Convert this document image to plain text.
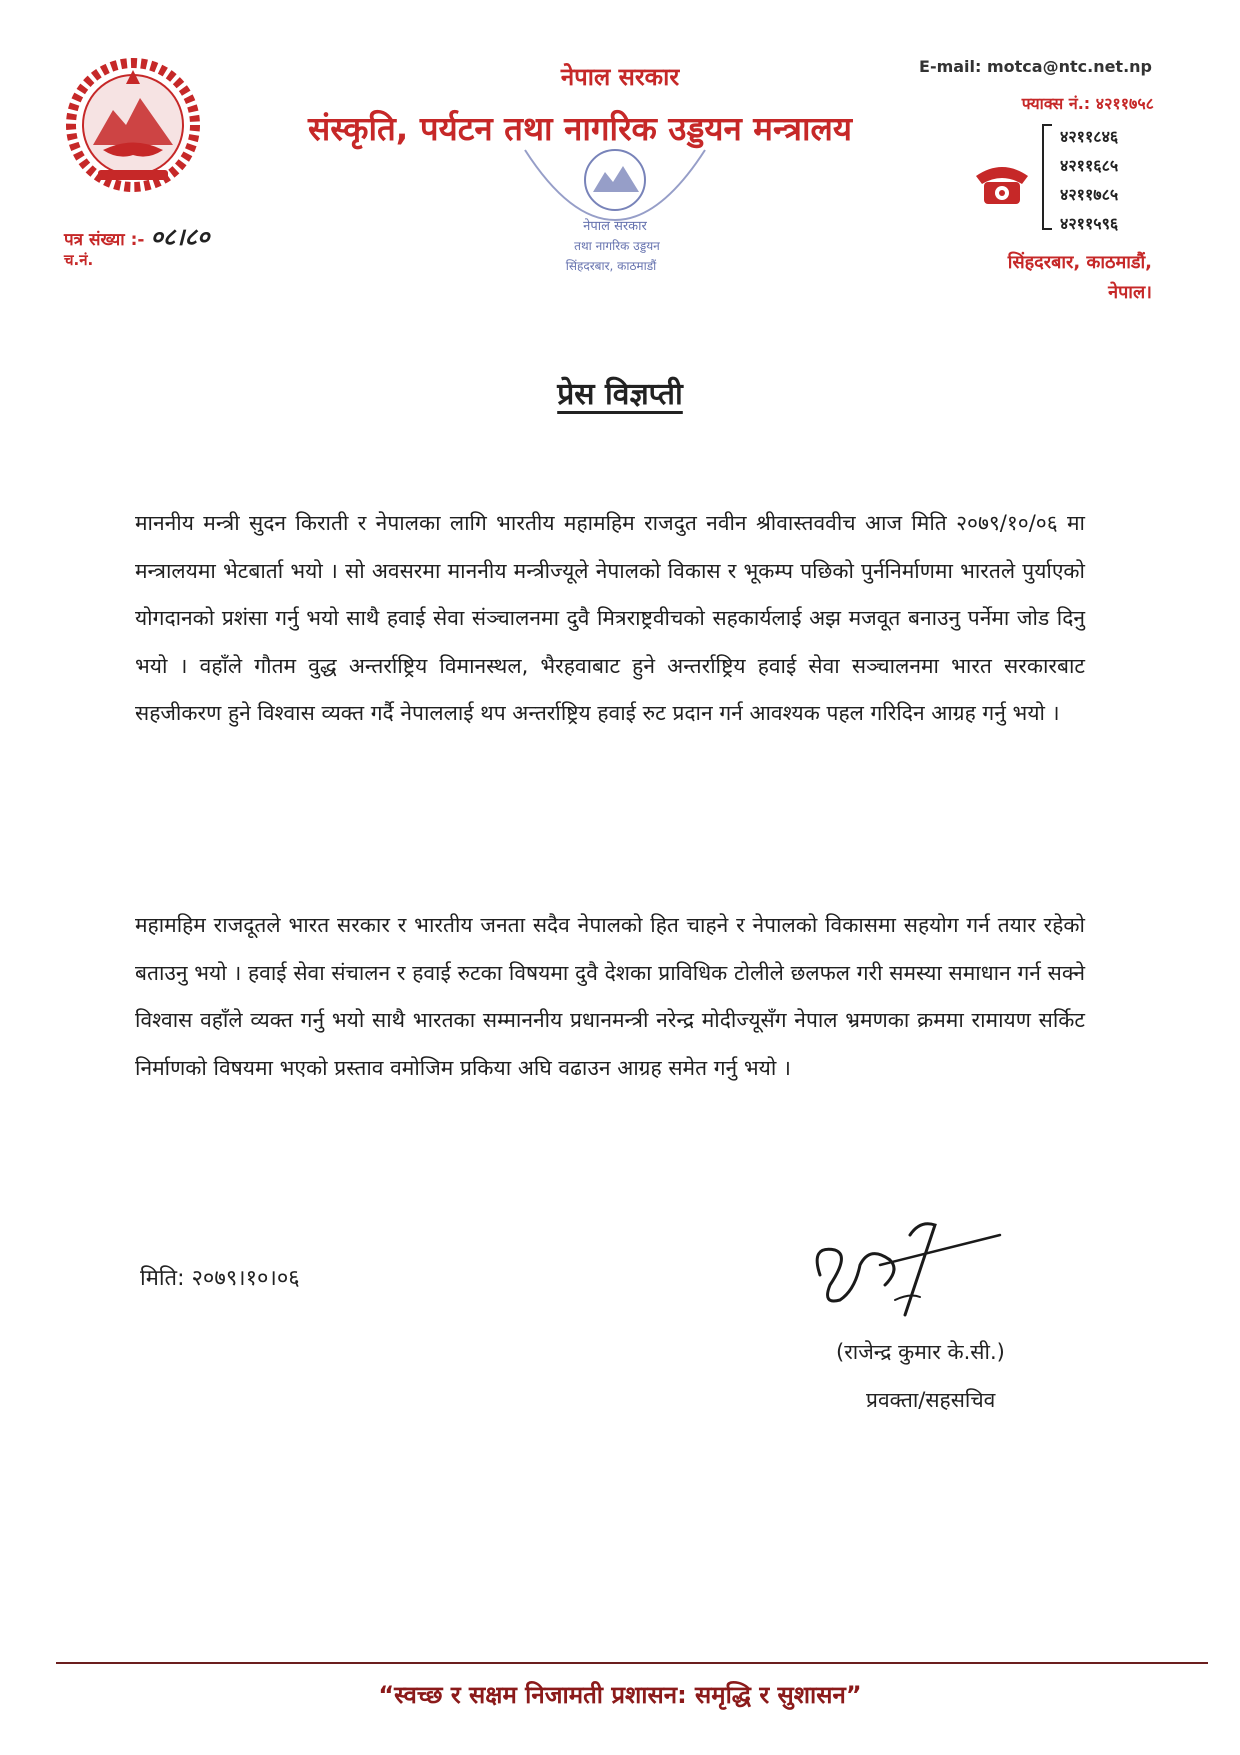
नेपाल सरकार
संस्कृति, पर्यटन तथा नागरिक उड्डयन मन्त्रालय
नेपाल सरकार
तथा नागरिक उड्डयन
सिंहदरबार, काठमाडौं
E-mail: motca@ntc.net.np
फ्याक्स नं.: ४२११७५८
४२११८४६
४२११६८५
४२११७८५
४२११५९६
सिंहदरबार, काठमाडौं,
नेपाल।
पत्र संख्या :- ०८।८०
च.नं.
प्रेस विज्ञप्ती
माननीय मन्त्री सुदन किराती र नेपालका लागि भारतीय महामहिम राजदुत नवीन श्रीवास्तववीच आज मिति २०७९/१०/०६ मा मन्त्रालयमा भेटबार्ता भयो । सो अवसरमा माननीय मन्त्रीज्यूले नेपालको विकास र भूकम्प पछिको पुर्ननिर्माणमा भारतले पुर्याएको योगदानको प्रशंसा गर्नु भयो साथै हवाई सेवा संञ्चालनमा दुवै मित्रराष्ट्रवीचको सहकार्यलाई अझ मजवूत बनाउनु पर्नेमा जोड दिनु भयो । वहाँले गौतम वुद्ध अन्तर्राष्ट्रिय विमानस्थल, भैरहवाबाट हुने अन्तर्राष्ट्रिय हवाई सेवा सञ्चालनमा भारत सरकारबाट सहजीकरण हुने विश्वास व्यक्त गर्दै नेपाललाई थप अन्तर्राष्ट्रिय हवाई रुट प्रदान गर्न आवश्यक पहल गरिदिन आग्रह गर्नु भयो ।
महामहिम राजदूतले भारत सरकार र भारतीय जनता सदैव नेपालको हित चाहने र नेपालको विकासमा सहयोग गर्न तयार रहेको बताउनु भयो । हवाई सेवा संचालन र हवाई रुटका विषयमा दुवै देशका प्राविधिक टोलीले छलफल गरी समस्या समाधान गर्न सक्ने विश्वास वहाँले व्यक्त गर्नु भयो साथै भारतका सम्माननीय प्रधानमन्त्री नरेन्द्र मोदीज्यूसँग नेपाल भ्रमणका क्रममा रामायण सर्किट निर्माणको विषयमा भएको प्रस्ताव वमोजिम प्रकिया अघि वढाउन आग्रह समेत गर्नु भयो ।
मिति: २०७९।१०।०६
(राजेन्द्र कुमार के.सी.)
प्रवक्ता/सहसचिव
“स्वच्छ र सक्षम निजामती प्रशासन: समृद्धि र सुशासन”
